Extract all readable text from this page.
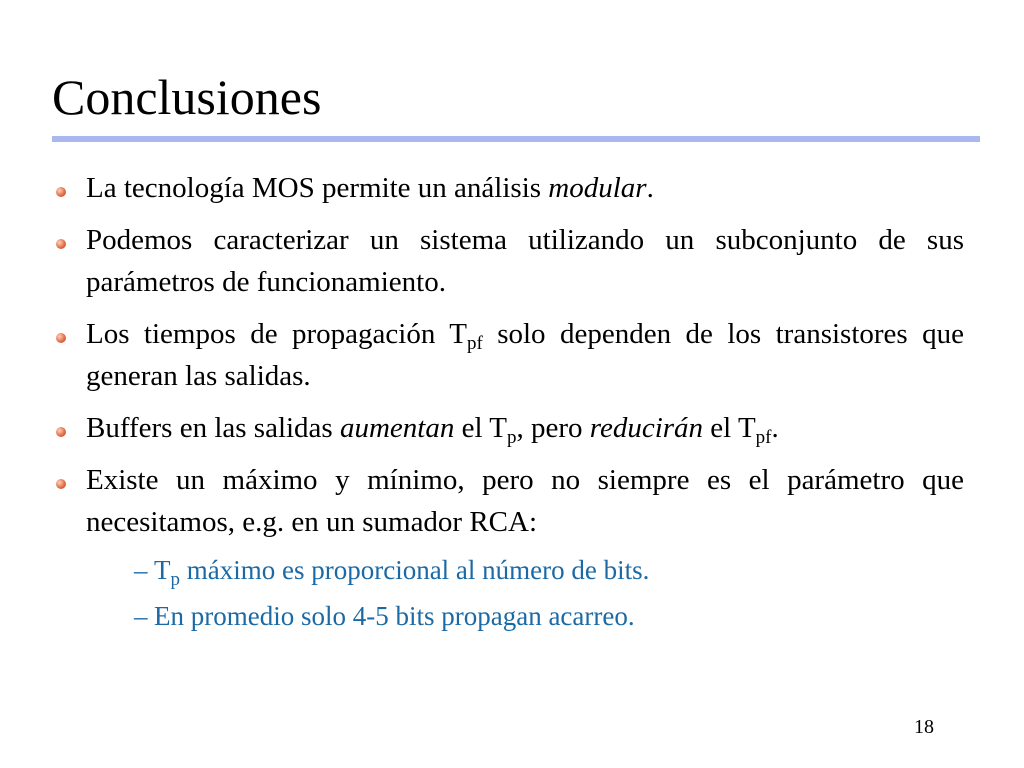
Conclusiones
La tecnología MOS permite un análisis modular.
Podemos caracterizar un sistema utilizando un subconjunto de sus parámetros de funcionamiento.
Los tiempos de propagación $T_{pf}$ solo dependen de los transistores que generan las salidas.
Buffers en las salidas aumentan el $T_p$, pero reducirán el $T_{pf}$.
Existe un máximo y mínimo, pero no siempre es el parámetro que necesitamos, e.g. en un sumador RCA:
– $T_p$ máximo es proporcional al número de bits.
– En promedio solo 4-5 bits propagan acarreo.
18
